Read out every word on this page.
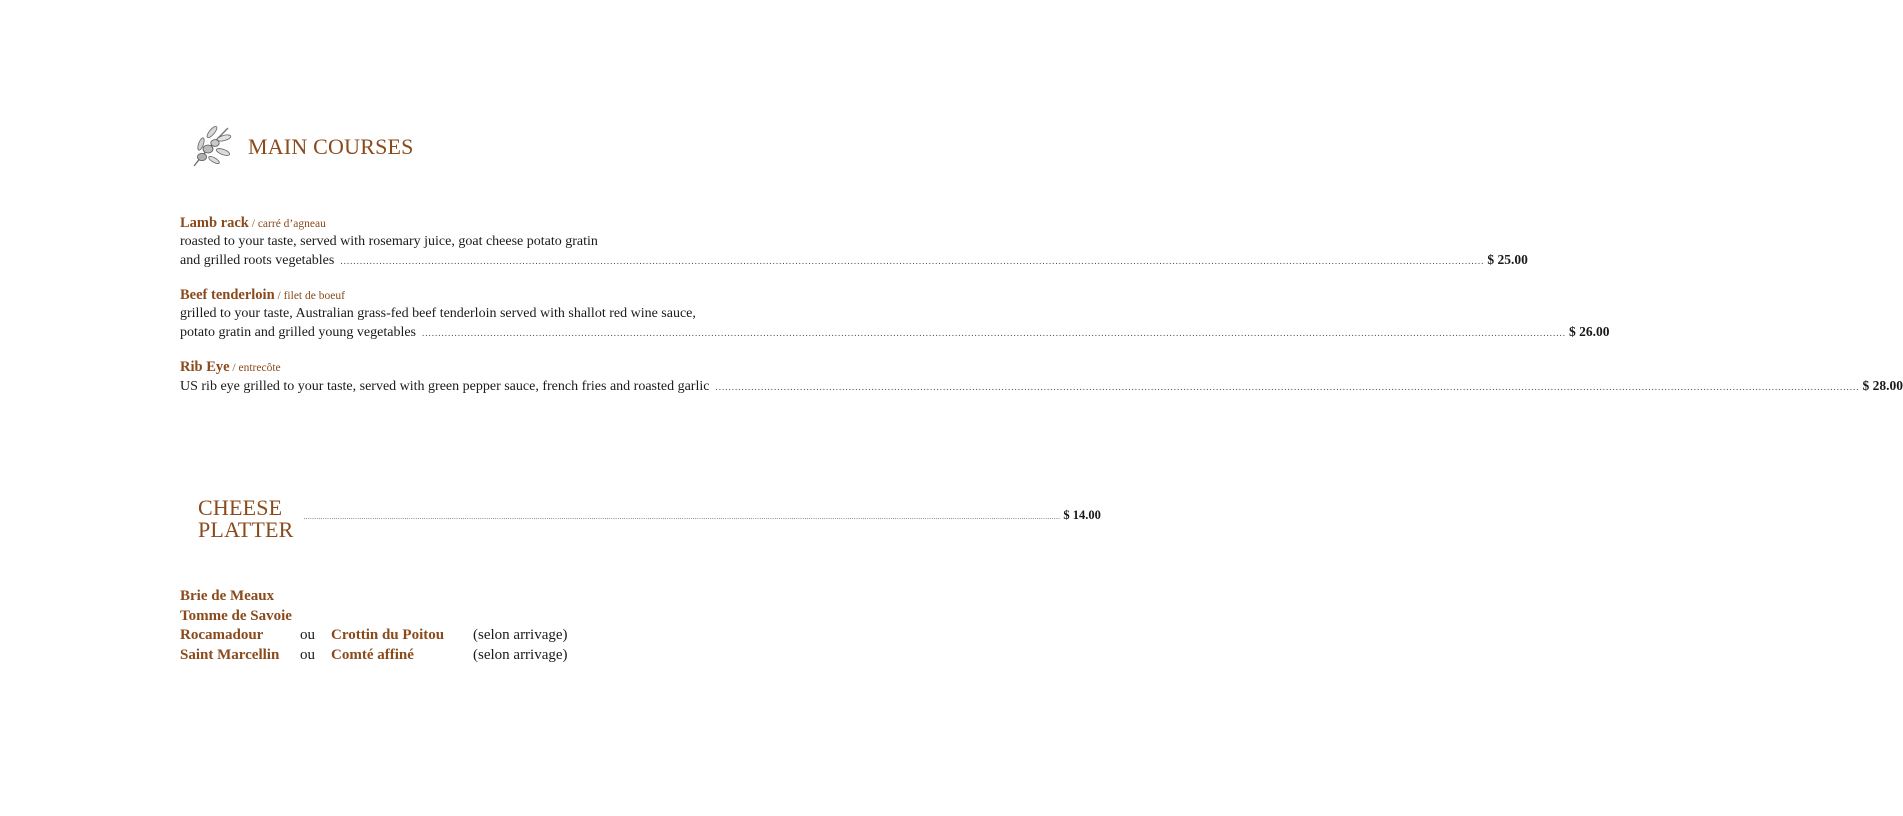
MAIN COURSES
Lamb rack / carré d’agneau
roasted to your taste, served with rosemary juice, goat cheese potato gratin
and grilled roots vegetables .....	$ 25.00
Beef tenderloin / filet de boeuf
grilled to your taste, Australian grass-fed beef tenderloin served with shallot red wine sauce,
potato gratin and grilled young vegetables .....	$ 26.00
Rib Eye / entrecôte
US rib eye grilled to your taste, served with green pepper sauce, french fries and roasted garlic .....	$ 28.00
CHEESE PLATTER
.....
$ 14.00
Brie de Meaux
Tomme de Savoie
Rocamadour	ou	Crottin du Poitou	(selon arrivage)
Saint Marcellin	ou	Comté affiné	(selon arrivage)
